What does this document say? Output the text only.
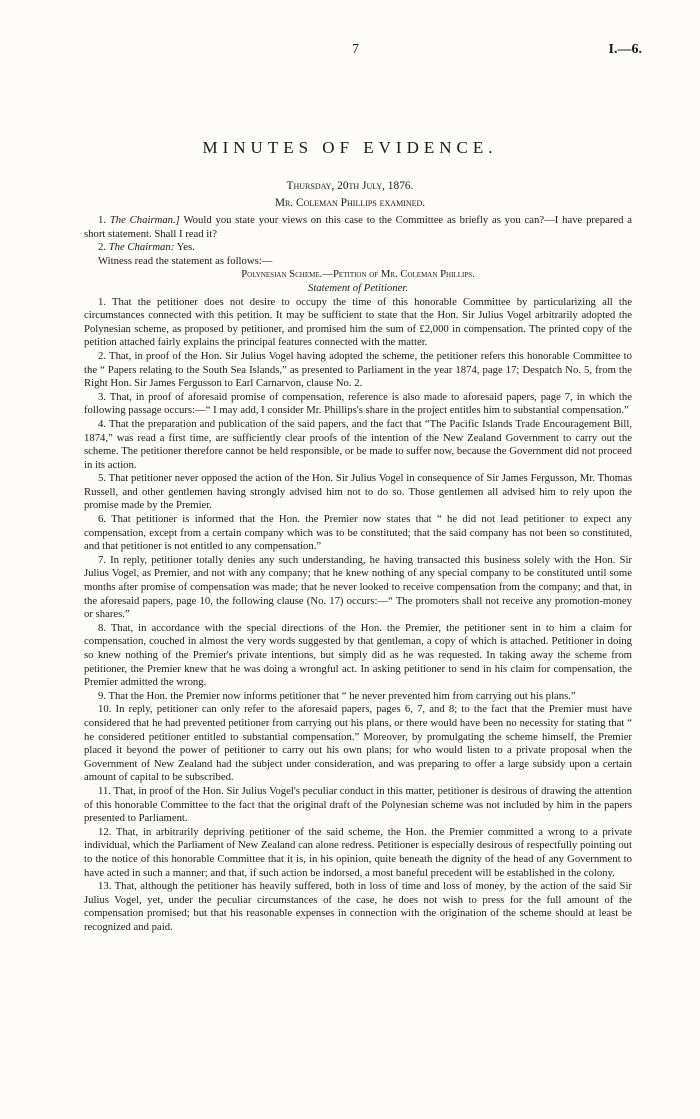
7	I.—6.
MINUTES OF EVIDENCE.
Thursday, 20th July, 1876.
Mr. Coleman Phillips examined.

1. The Chairman.] Would you state your views on this case to the Committee as briefly as you can?—I have prepared a short statement. Shall I read it?

2. The Chairman: Yes.

Witness read the statement as follows:—

Polynesian Scheme.—Petition of Mr. Coleman Phillips.

Statement of Petitioner.

1. That the petitioner does not desire to occupy the time of this honorable Committee by particularizing all the circumstances connected with this petition. It may be sufficient to state that the Hon. Sir Julius Vogel arbitrarily adopted the Polynesian scheme, as proposed by petitioner, and promised him the sum of £2,000 in compensation. The printed copy of the petition attached fairly explains the principal features connected with the matter.

2. That, in proof of the Hon. Sir Julius Vogel having adopted the scheme, the petitioner refers this honorable Committee to the “ Papers relating to the South Sea Islands,” as presented to Parliament in the year 1874, page 17; Despatch No. 5, from the Right Hon. Sir James Fergusson to Earl Carnarvon, clause No. 2.

3. That, in proof of aforesaid promise of compensation, reference is also made to aforesaid papers, page 7, in which the following passage occurs:—“ I may add, I consider Mr. Phillips's share in the project entitles him to substantial compensation.”

4. That the preparation and publication of the said papers, and the fact that “The Pacific Islands Trade Encouragement Bill, 1874,” was read a first time, are sufficiently clear proofs of the intention of the New Zealand Government to carry out the scheme. The petitioner therefore cannot be held responsible, or be made to suffer now, because the Government did not proceed in its action.

5. That petitioner never opposed the action of the Hon. Sir Julius Vogel in consequence of Sir James Fergusson, Mr. Thomas Russell, and other gentlemen having strongly advised him not to do so. Those gentlemen all advised him to rely upon the promise made by the Premier.

6. That petitioner is informed that the Hon. the Premier now states that “ he did not lead petitioner to expect any compensation, except from a certain company which was to be constituted; that the said company has not been so constituted, and that petitioner is not entitled to any compensation.”

7. In reply, petitioner totally denies any such understanding, he having transacted this business solely with the Hon. Sir Julius Vogel, as Premier, and not with any company; that he knew nothing of any special company to be constituted until some months after promise of compensation was made; that he never looked to receive compensation from the company; and that, in the aforesaid papers, page 10, the following clause (No. 17) occurs:—“ The promoters shall not receive any promotion-money or shares.”

8. That, in accordance with the special directions of the Hon. the Premier, the petitioner sent in to him a claim for compensation, couched in almost the very words suggested by that gentleman, a copy of which is attached. Petitioner in doing so knew nothing of the Premier's private intentions, but simply did as he was requested. In taking away the scheme from petitioner, the Premier knew that he was doing a wrongful act. In asking petitioner to send in his claim for compensation, the Premier admitted the wrong.

9. That the Hon. the Premier now informs petitioner that “ he never prevented him from carrying out his plans.”

10. In reply, petitioner can only refer to the aforesaid papers, pages 6, 7, and 8; to the fact that the Premier must have considered that he had prevented petitioner from carrying out his plans, or there would have been no necessity for stating that “ he considered petitioner entitled to substantial compensation.” Moreover, by promulgating the scheme himself, the Premier placed it beyond the power of petitioner to carry out his own plans; for who would listen to a private proposal when the Government of New Zealand had the subject under consideration, and was preparing to offer a large subsidy upon a certain amount of capital to be subscribed.

11. That, in proof of the Hon. Sir Julius Vogel's peculiar conduct in this matter, petitioner is desirous of drawing the attention of this honorable Committee to the fact that the original draft of the Polynesian scheme was not included by him in the papers presented to Parliament.

12. That, in arbitrarily depriving petitioner of the said scheme, the Hon. the Premier committed a wrong to a private individual, which the Parliament of New Zealand can alone redress. Petitioner is especially desirous of respectfully pointing out to the notice of this honorable Committee that it is, in his opinion, quite beneath the dignity of the head of any Government to have acted in such a manner; and that, if such action be indorsed, a most baneful precedent will be established in the colony.

13. That, although the petitioner has heavily suffered, both in loss of time and loss of money, by the action of the said Sir Julius Vogel, yet, under the peculiar circumstances of the case, he does not wish to press for the full amount of the compensation promised; but that his reasonable expenses in connection with the origination of the scheme should at least be recognized and paid.
